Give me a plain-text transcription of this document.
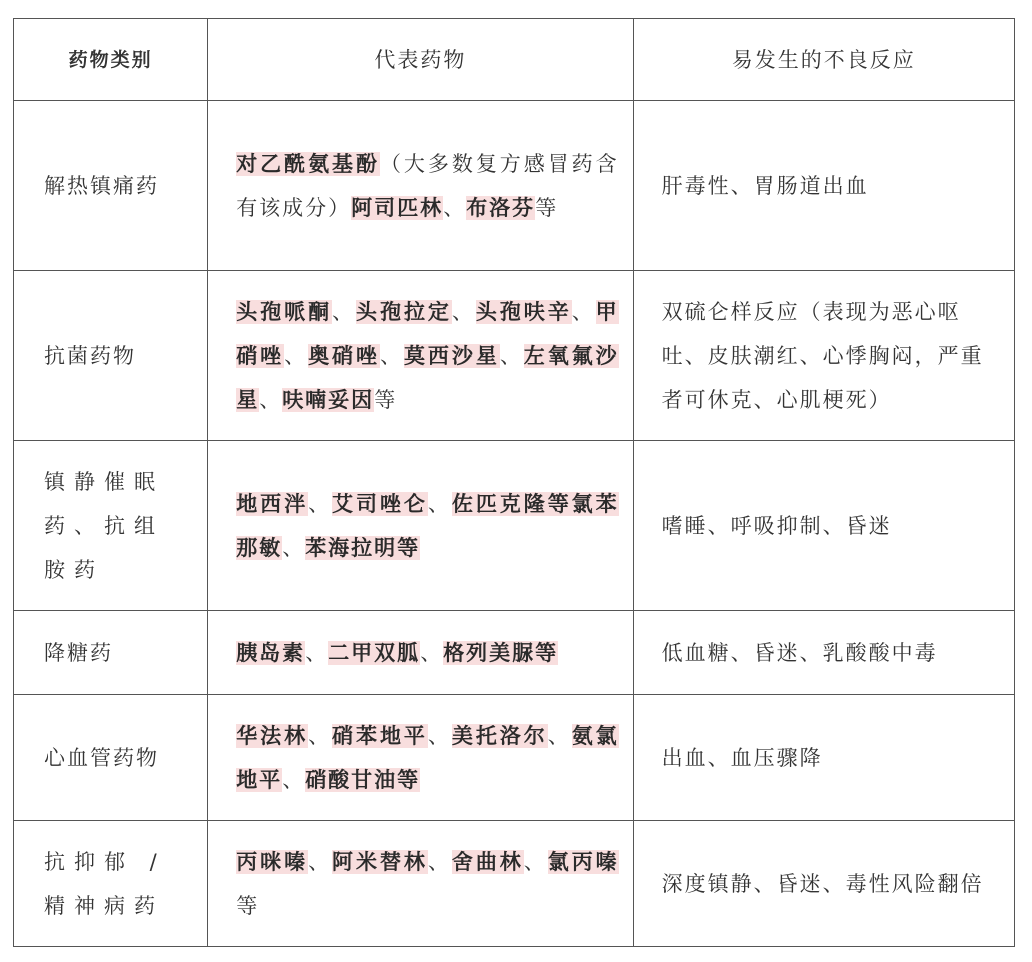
药物类别	代表药物	易发生的不良反应
解热镇痛药	对乙酰氨基酚（大多数复方感冒药含有该成分）阿司匹林、布洛芬等	肝毒性、胃肠道出血
抗菌药物	头孢哌酮、头孢拉定、头孢呋辛、甲硝唑、奥硝唑、莫西沙星、左氧氟沙星、呋喃妥因等	双硫仑样反应（表现为恶心呕吐、皮肤潮红、心悸胸闷，严重者可休克、心肌梗死）
镇静催眠药、抗组胺药	地西泮、艾司唑仑、佐匹克隆等氯苯那敏、苯海拉明等	嗜睡、呼吸抑制、昏迷
降糖药	胰岛素、二甲双胍、格列美脲等	低血糖、昏迷、乳酸酸中毒
心血管药物	华法林、硝苯地平、美托洛尔、氨氯地平、硝酸甘油等	出血、血压骤降
抗抑郁 / 精神病药	丙咪嗪、阿米替林、舍曲林、氯丙嗪等	深度镇静、昏迷、毒性风险翻倍
